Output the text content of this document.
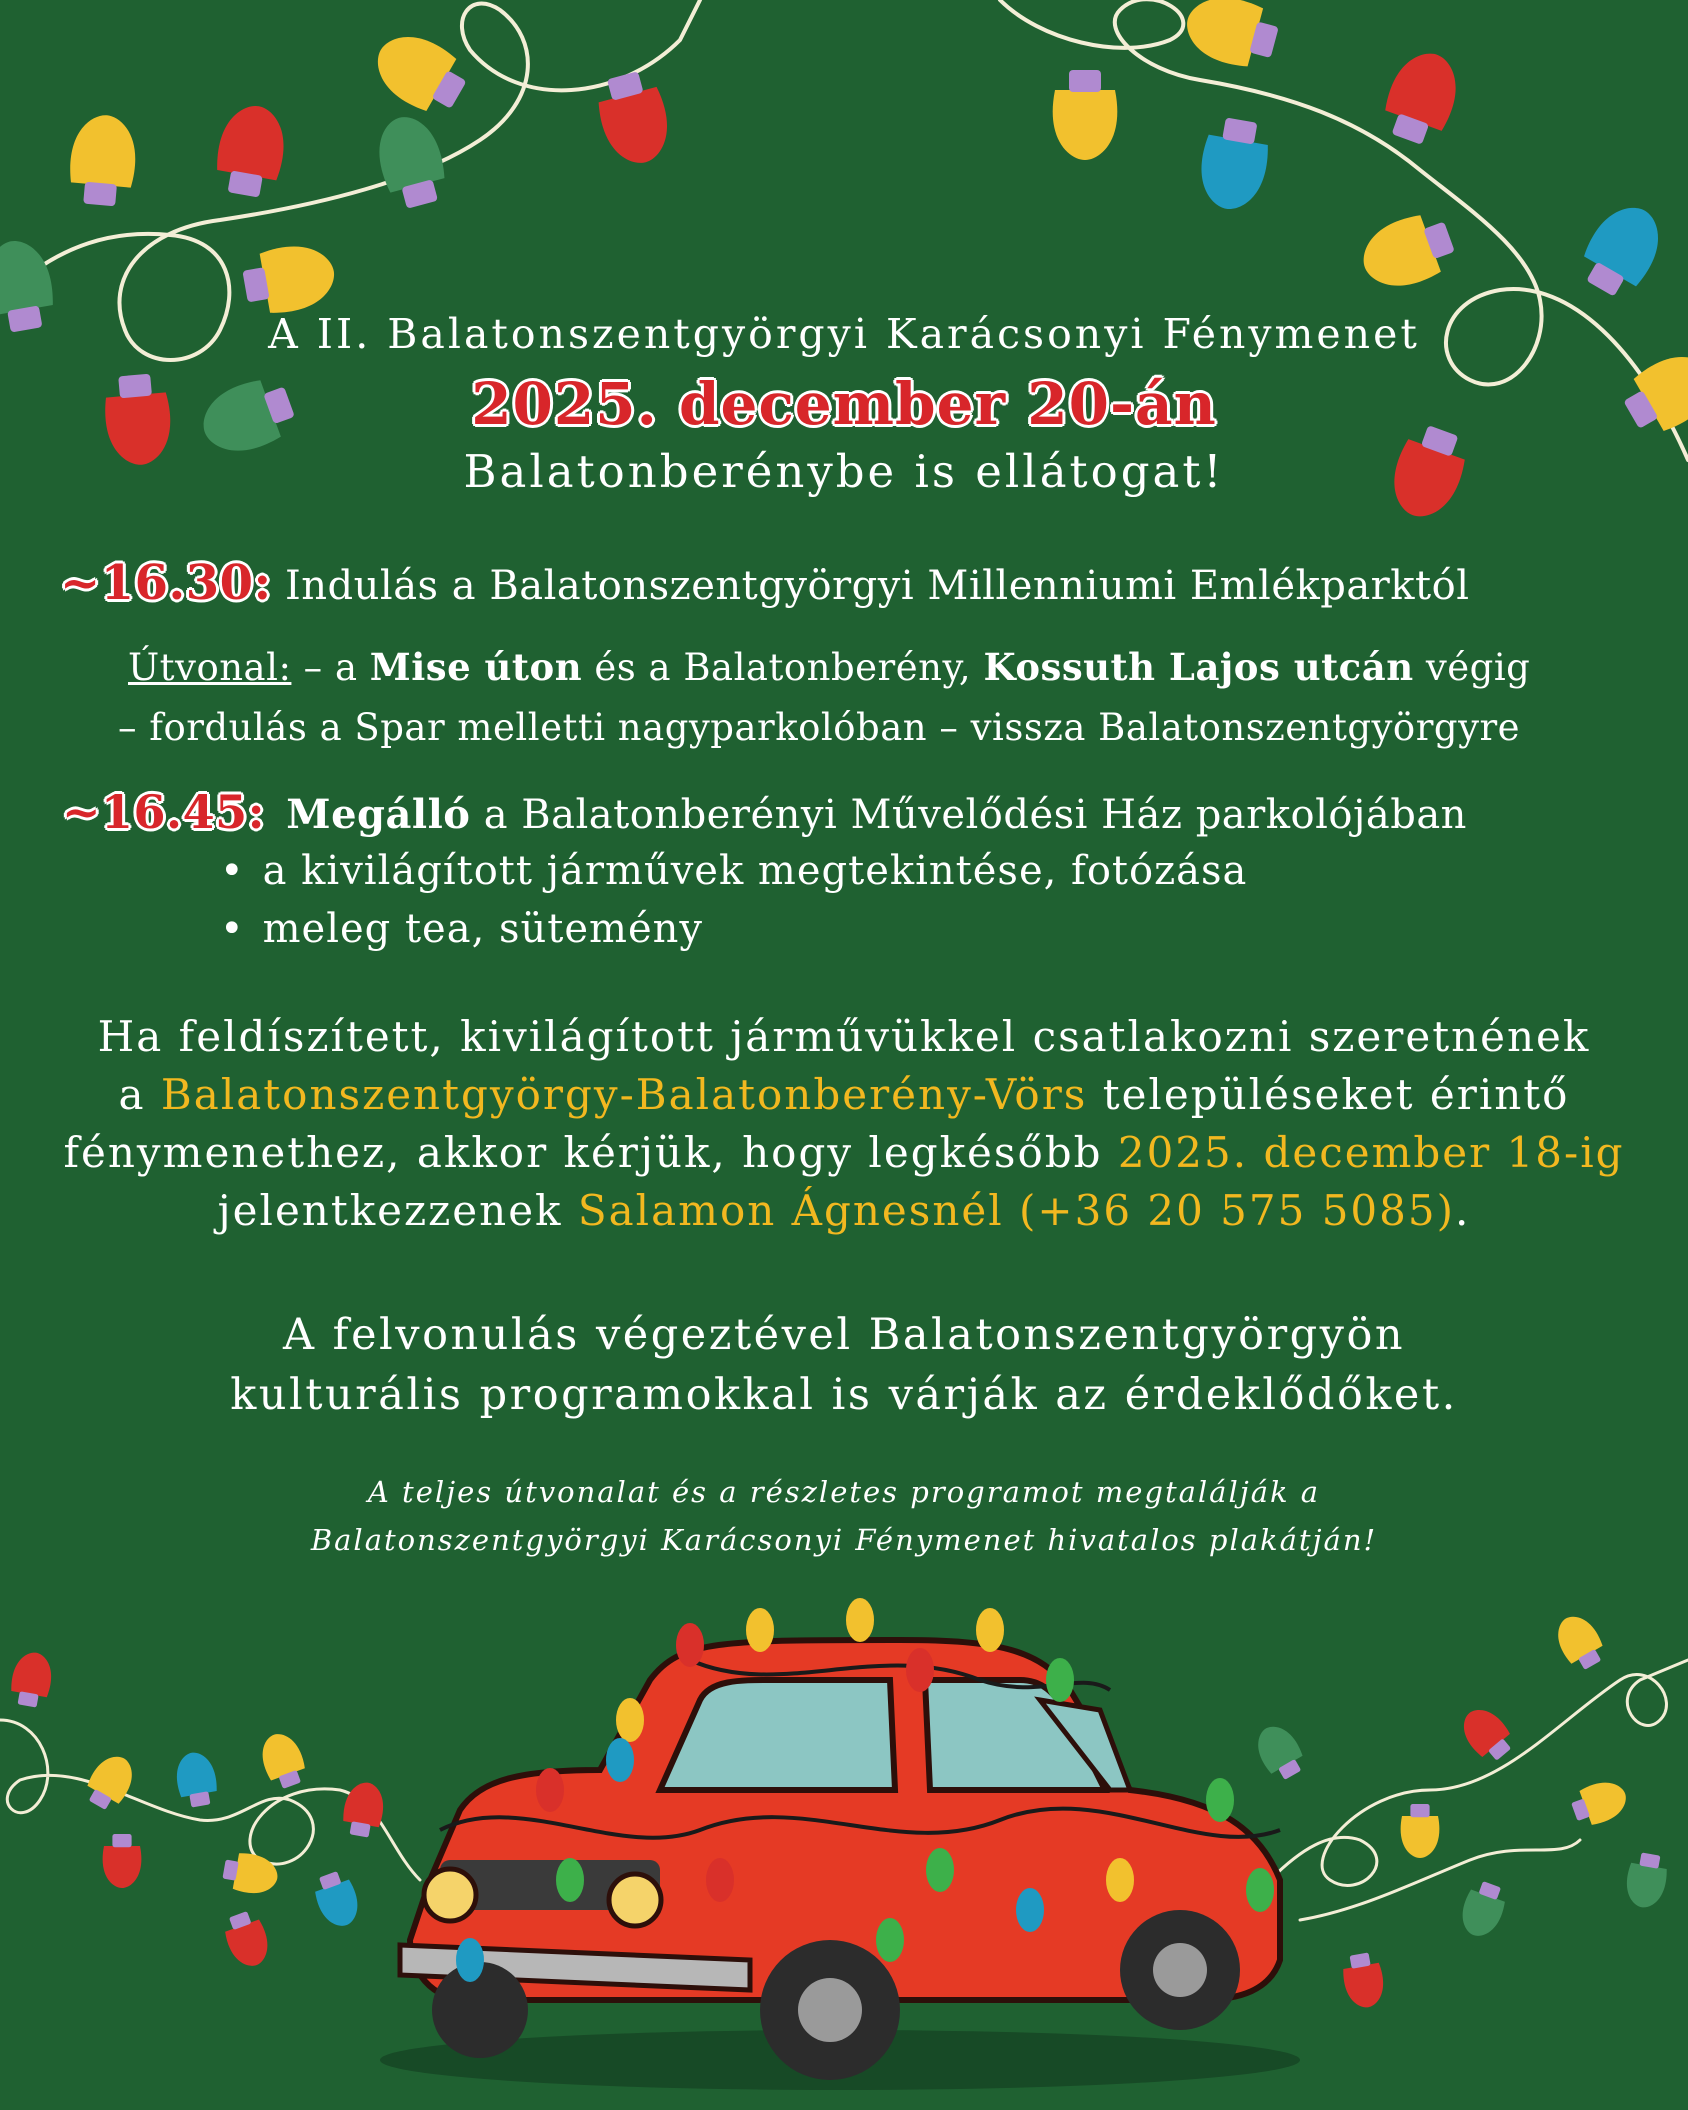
A II. Balatonszentgyörgyi Karácsonyi Fénymenet
2025. december 20-án
Balatonberénybe is ellátogat!
~16.30: Indulás a Balatonszentgyörgyi Millenniumi Emlékparktól
Útvonal: – a Mise úton és a Balatonberény, Kossuth Lajos utcán végig
– fordulás a Spar melletti nagyparkolóban – vissza Balatonszentgyörgyre
~16.45: Megálló a Balatonberényi Művelődési Ház parkolójában
• a kivilágított járművek megtekintése, fotózása
• meleg tea, sütemény
Ha feldíszített, kivilágított járművükkel csatlakozni szeretnének
a Balatonszentgyörgy-Balatonberény-Vörs településeket érintő
fénymenethez, akkor kérjük, hogy legkésőbb 2025. december 18-ig
jelentkezzenek Salamon Ágnesnél (+36 20 575 5085).
A felvonulás végeztével Balatonszentgyörgyön
kulturális programokkal is várják az érdeklődőket.
A teljes útvonalat és a részletes programot megtalálják a
Balatonszentgyörgyi Karácsonyi Fénymenet hivatalos plakátján!
